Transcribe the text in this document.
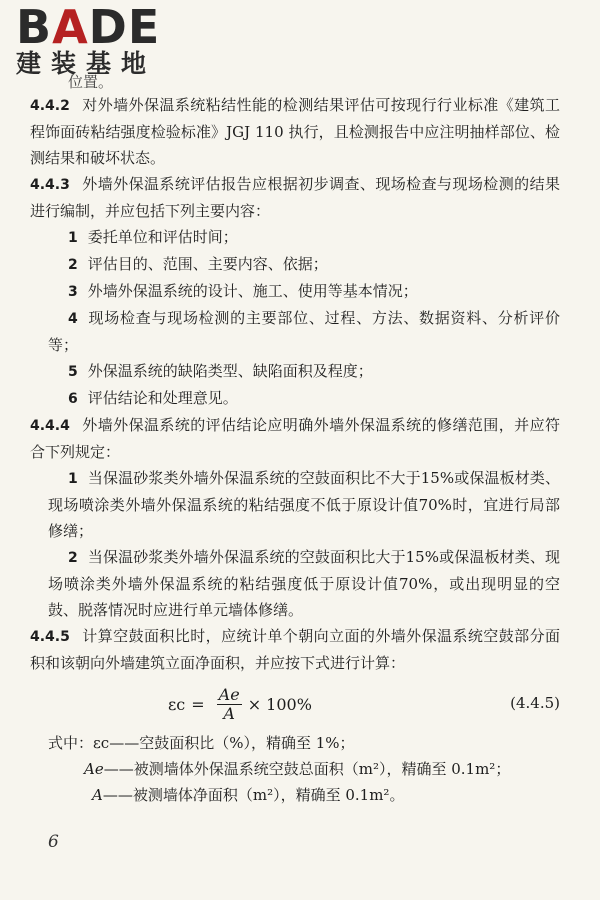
BADE
建装基地
位置。

4.4.2 对外墙外保温系统粘结性能的检测结果评估可按现行行业标准《建筑工程饰面砖粘结强度检验标准》JGJ 110 执行，且检测报告中应注明抽样部位、检测结果和破坏状态。

4.4.3 外墙外保温系统评估报告应根据初步调查、现场检查与现场检测的结果进行编制，并应包括下列主要内容：

1 委托单位和评估时间；

2 评估目的、范围、主要内容、依据；

3 外墙外保温系统的设计、施工、使用等基本情况；

4 现场检查与现场检测的主要部位、过程、方法、数据资料、分析评价等；

5 外保温系统的缺陷类型、缺陷面积及程度；

6 评估结论和处理意见。

4.4.4 外墙外保温系统的评估结论应明确外墙外保温系统的修缮范围，并应符合下列规定：

1 当保温砂浆类外墙外保温系统的空鼓面积比不大于15%或保温板材类、现场喷涂类外墙外保温系统的粘结强度不低于原设计值70%时，宜进行局部修缮；

2 当保温砂浆类外墙外保温系统的空鼓面积比大于15%或保温板材类、现场喷涂类外墙外保温系统的粘结强度低于原设计值70%，或出现明显的空鼓、脱落情况时应进行单元墙体修缮。

4.4.5 计算空鼓面积比时，应统计单个朝向立面的外墙外保温系统空鼓部分面积和该朝向外墙建筑立面净面积，并应按下式进行计算：

$\varepsilon c = \frac{Ae}{A} \times 100\%$	(4.4.5)
式中： εc ——空鼓面积比（%），精确至 1%；
Ae ——被测墙体外保温系统空鼓总面积（m²），精确至 0.1m²；
A ——被测墙体净面积（m²），精确至 0.1m²。
6
